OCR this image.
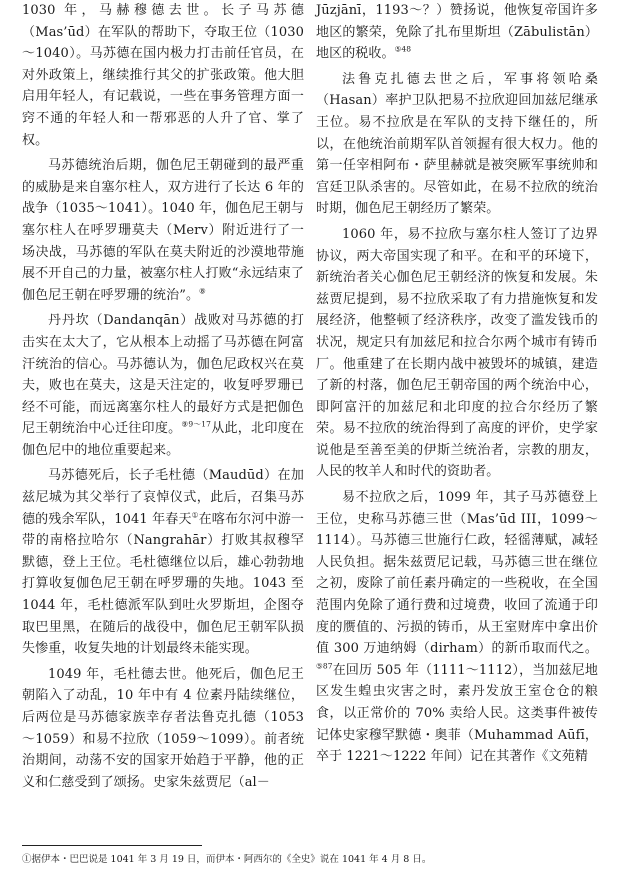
1030 年，马赫穆德去世。长子马苏德（Mas’ūd）在军队的帮助下，夺取王位（1030～1040）。马苏德在国内极力打击前任官员，在对外政策上，继续推行其父的扩张政策。他大胆启用年轻人，有记载说，一些在事务管理方面一窍不通的年轻人和一帮邪恶的人升了官、掌了权。

马苏德统治后期，伽色尼王朝碰到的最严重的威胁是来自塞尔柱人，双方进行了长达 6 年的战争（1035～1041）。1040 年，伽色尼王朝与塞尔柱人在呼罗珊莫夫（Merv）附近进行了一场决战，马苏德的军队在莫夫附近的沙漠地带施展不开自己的力量，被塞尔柱人打败“永远结束了伽色尼王朝在呼罗珊的统治”。⑧

丹丹坎（Dandanqān）战败对马苏德的打击实在太大了，它从根本上动摇了马苏德在阿富汗统治的信心。马苏德认为，伽色尼政权兴在莫夫，败也在莫夫，这是天注定的，收复呼罗珊已经不可能，而远离塞尔柱人的最好方式是把伽色尼王朝统治中心迁往印度。$^{⑨9\sim 17}$从此，北印度在伽色尼中的地位重要起来。

马苏德死后，长子毛杜德（Maudūd）在加兹尼城为其父举行了哀悼仪式，此后，召集马苏德的残余军队，1041 年春天①在喀布尔河中游一带的南格拉哈尔（Nangrahār）打败其叔穆罕默德，登上王位。毛杜德继位以后，雄心勃勃地打算收复伽色尼王朝在呼罗珊的失地。1043 至 1044 年，毛杜德派军队到吐火罗斯坦，企图夺取巴里黑，在随后的战役中，伽色尼王朝军队损失惨重，收复失地的计划最终未能实现。

1049 年，毛杜德去世。他死后，伽色尼王朝陷入了动乱，10 年中有 4 位素丹陆续继位，后两位是马苏德家族幸存者法鲁克扎德（1053～1059）和易不拉欣（1059～1099）。前者统治期间，动荡不安的国家开始趋于平静，他的正义和仁慈受到了颂扬。史家朱兹贾尼（al－

Jūzjānī，1193～？）赞扬说，他恢复帝国许多地区的繁荣，免除了扎布里斯坦（Zābulistān）地区的税收。$^{⑤48}$

法鲁克扎德去世之后，军事将领哈桑（Hasan）率护卫队把易不拉欣迎回加兹尼继承王位。易不拉欣是在军队的支持下继任的，所以，在他统治前期军队首领握有很大权力。他的第一任宰相阿布・萨里赫就是被突厥军事统帅和宫廷卫队杀害的。尽管如此，在易不拉欣的统治时期，伽色尼王朝经历了繁荣。

1060 年，易不拉欣与塞尔柱人签订了边界协议，两大帝国实现了和平。在和平的环境下，新统治者关心伽色尼王朝经济的恢复和发展。朱兹贾尼提到，易不拉欣采取了有力措施恢复和发展经济，他整顿了经济秩序，改变了滥发钱币的状况，规定只有加兹尼和拉合尔两个城市有铸币厂。他重建了在长期内战中被毁坏的城镇，建造了新的村落，伽色尼王朝帝国的两个统治中心，即阿富汗的加兹尼和北印度的拉合尔经历了繁荣。易不拉欣的统治得到了高度的评价，史学家说他是至善至美的伊斯兰统治者，宗教的朋友，人民的牧羊人和时代的资助者。

易不拉欣之后，1099 年，其子马苏德登上王位，史称马苏德三世（Mas’ūd III，1099～1114）。马苏德三世施行仁政，轻徭薄赋，减轻人民负担。据朱兹贾尼记载，马苏德三世在继位之初，废除了前任素丹确定的一些税收，在全国范围内免除了通行费和过境费，收回了流通于印度的赝值的、污损的铸币，从王室财库中拿出价值 300 万迪纳姆（dirham）的新币取而代之。$^{⑤87}$在回历 505 年（1111～1112），当加兹尼地区发生蝗虫灾害之时，素丹发放王室仓仓的粮食，以正常价的 70% 卖给人民。这类事件被传记体史家穆罕默德・奥菲（Muhammad Aūfī，卒于 1221～1222 年间）记在其著作《文苑精

①据伊本・巴巴说是 1041 年 3 月 19 日，而伊本・阿西尔的《全史》说在 1041 年 4 月 8 日。
